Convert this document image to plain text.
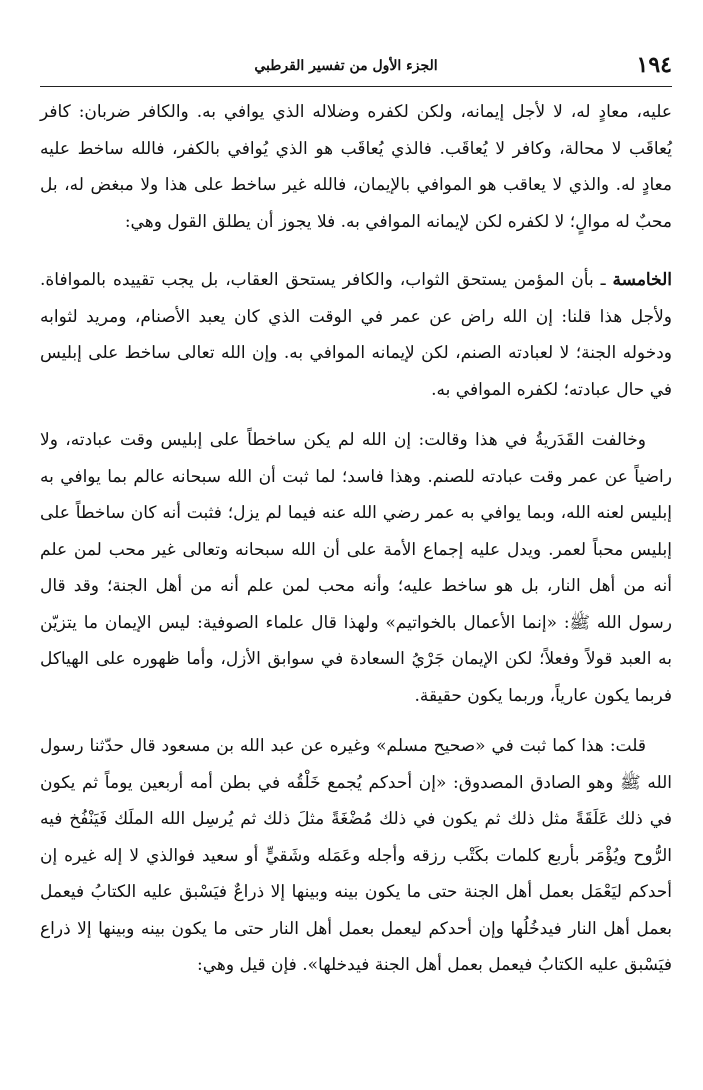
١٩٤
الجزء الأول من تفسير القرطبي

عليه، معادٍ له، لا لأجل إيمانه، ولكن لكفره وضلاله الذي يوافي به. والكافر ضربان: كافر يُعاقَب لا محالة، وكافر لا يُعاقَب. فالذي يُعاقَب هو الذي يُوافي بالكفر، فالله ساخط عليه معادٍ له. والذي لا يعاقب هو الموافي بالإيمان، فالله غير ساخط على هذا ولا مبغض له، بل محبٌ له موالٍ؛ لا لكفره لكن لإيمانه الموافي به. فلا يجوز أن يطلق القول وهي:

الخامسة ـ بأن المؤمن يستحق الثواب، والكافر يستحق العقاب، بل يجب تقييده بالموافاة. ولأجل هذا قلنا: إن الله راض عن عمر في الوقت الذي كان يعبد الأصنام، ومريد لثوابه ودخوله الجنة؛ لا لعبادته الصنم، لكن لإيمانه الموافي به. وإن الله تعالى ساخط على إبليس في حال عبادته؛ لكفره الموافي به.

وخالفت القَدَريةُ في هذا وقالت: إن الله لم يكن ساخطاً على إبليس وقت عبادته، ولا راضياً عن عمر وقت عبادته للصنم. وهذا فاسد؛ لما ثبت أن الله سبحانه عالم بما يوافي به إبليس لعنه الله، وبما يوافي به عمر رضي الله عنه فيما لم يزل؛ فثبت أنه كان ساخطاً على إبليس محباً لعمر. ويدل عليه إجماع الأمة على أن الله سبحانه وتعالى غير محب لمن علم أنه من أهل النار، بل هو ساخط عليه؛ وأنه محب لمن علم أنه من أهل الجنة؛ وقد قال رسول الله ﷺ: «إنما الأعمال بالخواتيم» ولهذا قال علماء الصوفية: ليس الإيمان ما يتزيّن به العبد قولاً وفعلاً؛ لكن الإيمان جَرْيُ السعادة في سوابق الأزل، وأما ظهوره على الهياكل فربما يكون عارياً، وربما يكون حقيقة.

قلت: هذا كما ثبت في «صحيح مسلم» وغيره عن عبد الله بن مسعود قال حدّثنا رسول الله ﷺ وهو الصادق المصدوق: «إن أحدكم يُجمع خَلْقُه في بطن أمه أربعين يوماً ثم يكون في ذلك عَلَقَةً مثل ذلك ثم يكون في ذلك مُضْغَةً مثلَ ذلك ثم يُرسِل الله الملَك فَيَنْفُخ فيه الرُّوح ويُؤْمَر بأربع كلمات بكَتْب رزقه وأجله وعَمَله وشَقيٍّ أو سعيد فوالذي لا إله غيره إن أحدكم ليَعْمَل بعمل أهل الجنة حتى ما يكون بينه وبينها إلا ذراعٌ فيَسْبق عليه الكتابُ فيعمل بعمل أهل النار فيدخُلُها وإن أحدكم ليعمل بعمل أهل النار حتى ما يكون بينه وبينها إلا ذراع فيَسْبق عليه الكتابُ فيعمل بعمل أهل الجنة فيدخلها». فإن قيل وهي:
